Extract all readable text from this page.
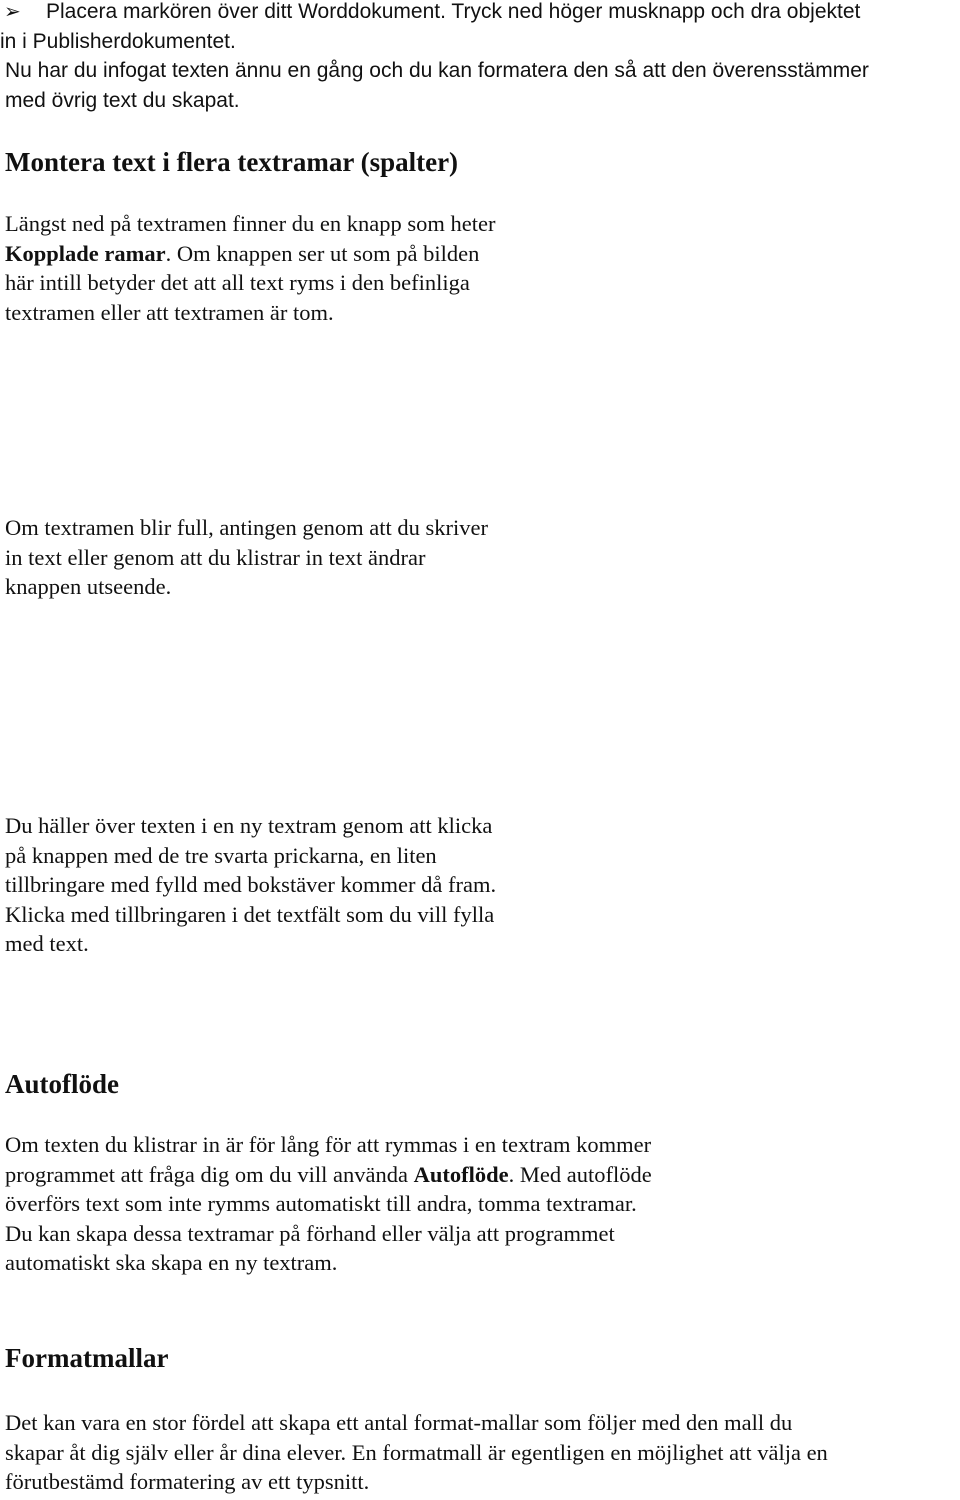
➢ Placera markören över ditt Worddokument. Tryck ned höger musknapp och dra objektet
in i Publisherdokumentet.
Nu har du infogat texten ännu en gång och du kan formatera den så att den överensstämmer
med övrig text du skapat.
Montera text i flera textramar (spalter)
Längst ned på textramen finner du en knapp som heter
Kopplade ramar. Om knappen ser ut som på bilden
här intill betyder det att all text ryms i den befinliga
textramen eller att textramen är tom.
Om textramen blir full, antingen genom att du skriver
in text eller genom att du klistrar in text ändrar
knappen utseende.
Du häller över texten i en ny textram genom att klicka
på knappen med de tre svarta prickarna, en liten
tillbringare med fylld med bokstäver kommer då fram.
Klicka med tillbringaren i det textfält som du vill fylla
med text.
Autoflöde
Om texten du klistrar in är för lång för att rymmas i en textram kommer
programmet att fråga dig om du vill använda Autoflöde. Med autoflöde
överförs text som inte rymms automatiskt till andra, tomma textramar.
Du kan skapa dessa textramar på förhand eller välja att programmet
automatiskt ska skapa en ny textram.
Formatmallar
Det kan vara en stor fördel att skapa ett antal format-mallar som följer med den mall du
skapar åt dig själv eller år dina elever. En formatmall är egentligen en möjlighet att välja en
förutbestämd formatering av ett typsnitt.
